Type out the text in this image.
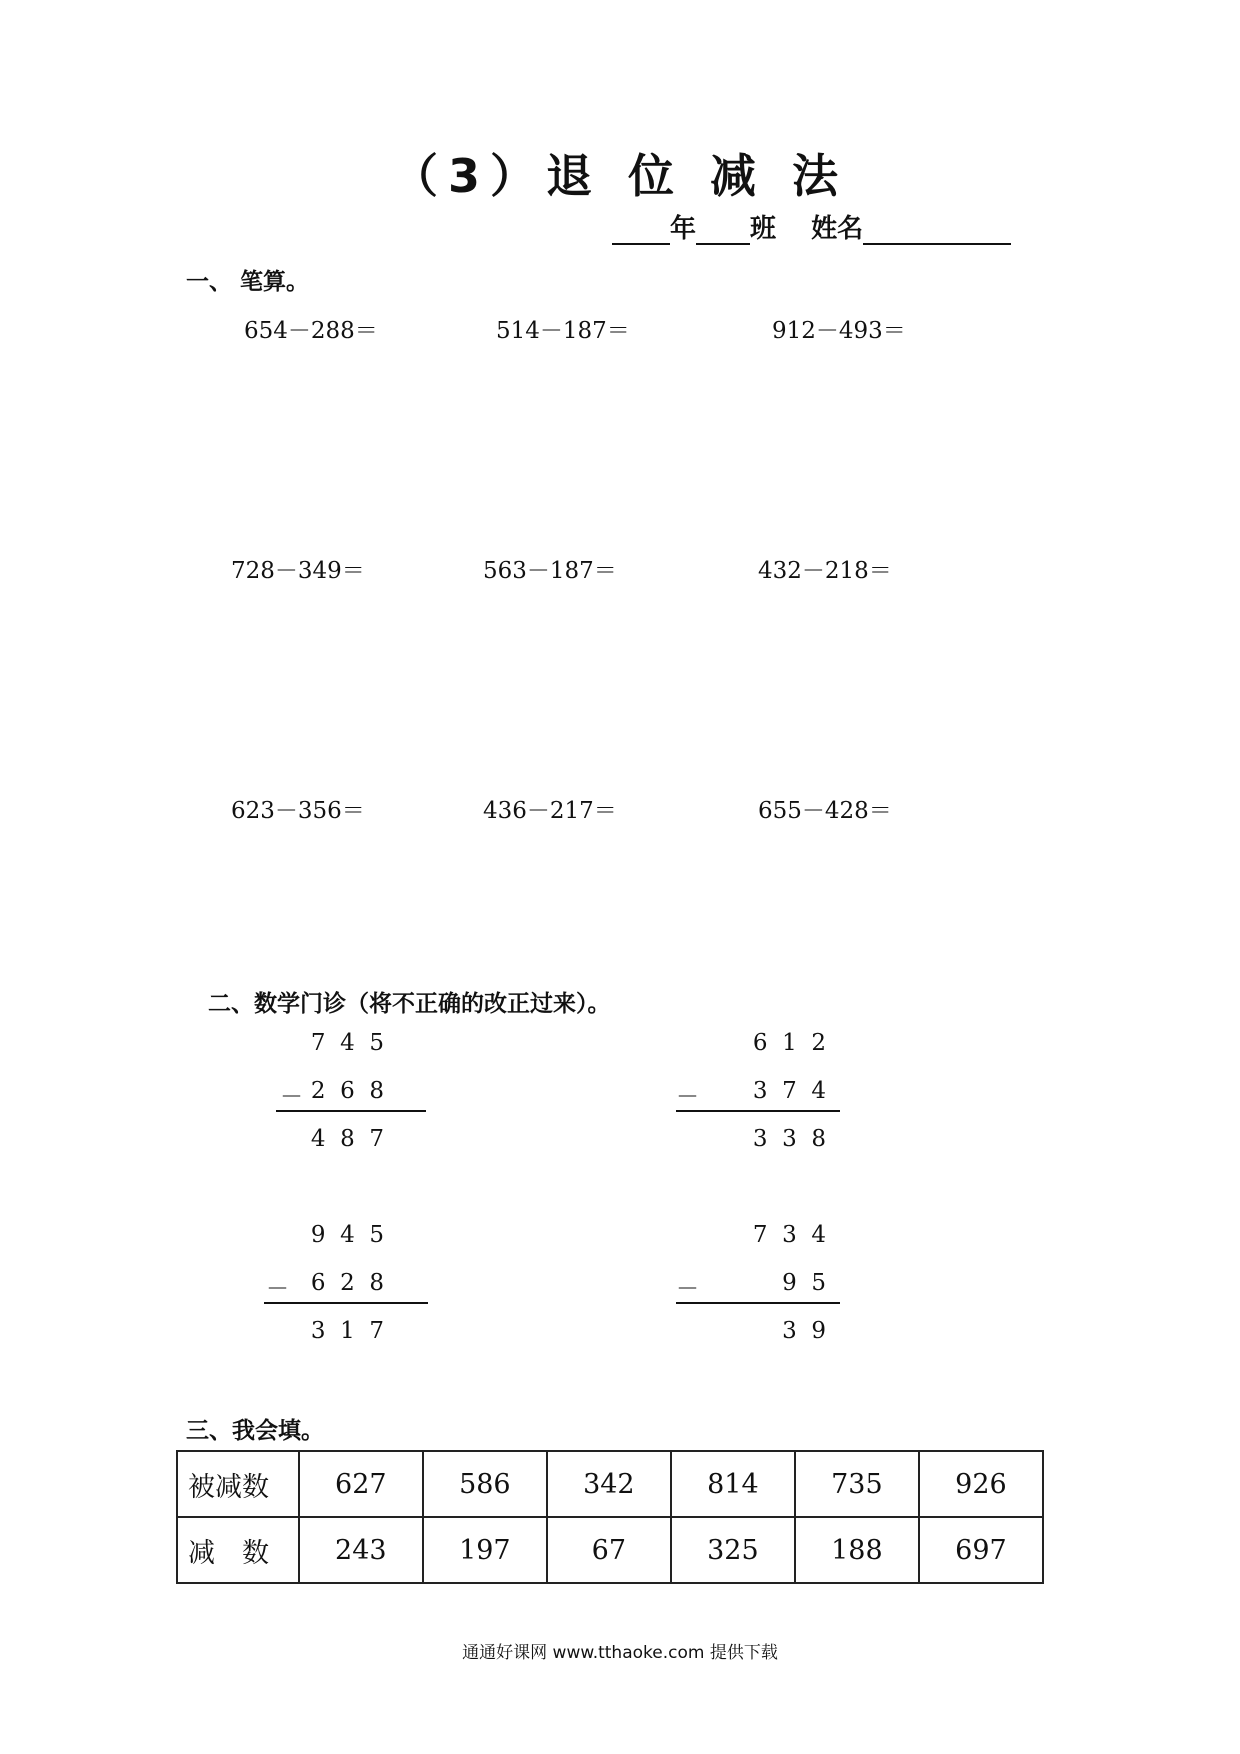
（3）退 位 减 法
年 班 姓名
一、 笔算。
654－288＝	514－187＝	912－493＝
728－349＝	563－187＝	432－218＝
623－356＝	436－217＝	655－428＝
二、数学门诊（将不正确的改正过来）。
7  4  5
－ 2  6  8
4  8  7
6  1  2
－ 3  7  4
3  3  8
9  4  5
－ 6  2  8
3  1  7
7  3  4
－	9  5
3  9
三、我会填。
被减数	627	586	342	814	735	926
减　数	243	197	67	325	188	697
通通好课网 www.tthaoke.com 提供下载
